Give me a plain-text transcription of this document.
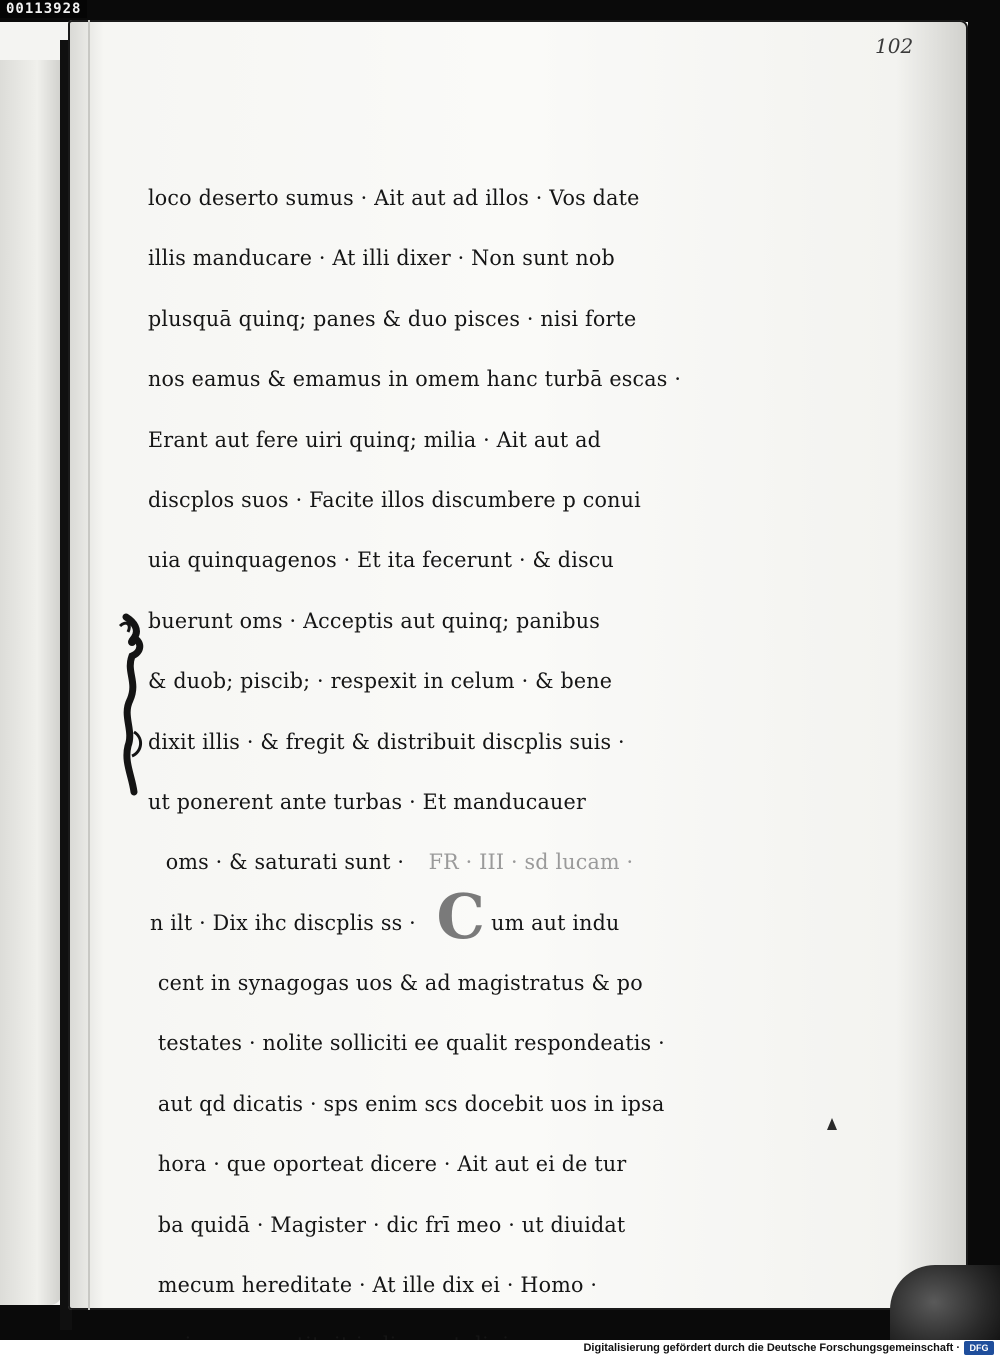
00113928
102
loco deserto sumus · Ait aut ad illos · Vos date
illis manducare · At illi dixer · Non sunt nob
plusquā quinq; panes & duo pisces · nisi forte
nos eamus & emamus in omem hanc turbā escas ·
Erant aut fere uiri quinq; milia · Ait aut ad
discplos suos · Facite illos discumbere p conui
uia quinquagenos · Et ita fecerunt · & discu
buerunt oms · Acceptis aut quinq; panibus
& duob; piscib; · respexit in celum · & bene
dixit illis · & fregit & distribuit discplis suis ·
ut ponerent ante turbas · Et manducauer
oms · & saturati sunt · FR · III · sd lucam ·
n ilt · Dix ihc discplis ss · C um aut indu
cent in synagogas uos & ad magistratus & po
testates · nolite solliciti ee qualit respondeatis ·
aut qd dicatis · sps enim scs docebit uos in ipsa
hora · que oporteat dicere · Ait aut ei de tur
ba quidā · Magister · dic frī meo · ut diuidat
mecum hereditate · At ille dix ei · Homo ·
Digitalisierung gefördert durch die Deutsche Forschungsgemeinschaft ·	DFG
